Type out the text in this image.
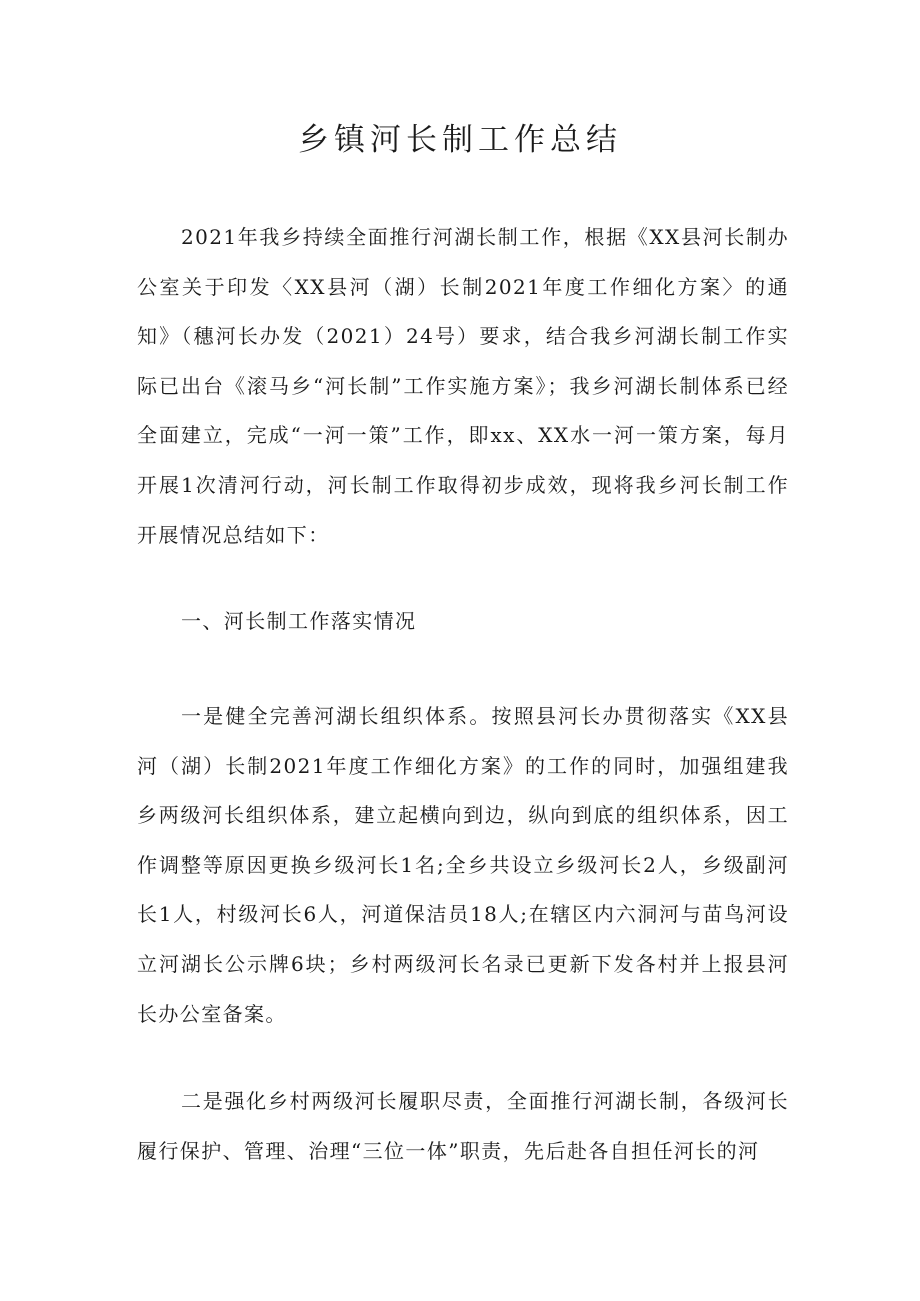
乡镇河长制工作总结

2021年我乡持续全面推行河湖长制工作，根据《XX县河长制办公室关于印发〈XX县河（湖）长制2021年度工作细化方案〉的通知》（穗河长办发（2021）24号）要求，结合我乡河湖长制工作实际已出台《滚马乡“河长制”工作实施方案》；我乡河湖长制体系已经全面建立，完成“一河一策”工作，即xx、XX水一河一策方案，每月开展1次清河行动，河长制工作取得初步成效，现将我乡河长制工作开展情况总结如下：

一、河长制工作落实情况

一是健全完善河湖长组织体系。按照县河长办贯彻落实《XX县河（湖）长制2021年度工作细化方案》的工作的同时，加强组建我乡两级河长组织体系，建立起横向到边，纵向到底的组织体系，因工作调整等原因更换乡级河长1名;全乡共设立乡级河长2人，乡级副河长1人，村级河长6人，河道保洁员18人;在辖区内六洞河与苗鸟河设立河湖长公示牌6块；乡村两级河长名录已更新下发各村并上报县河长办公室备案。

二是强化乡村两级河长履职尽责，全面推行河湖长制，各级河长履行保护、管理、治理“三位一体”职责，先后赴各自担任河长的河
